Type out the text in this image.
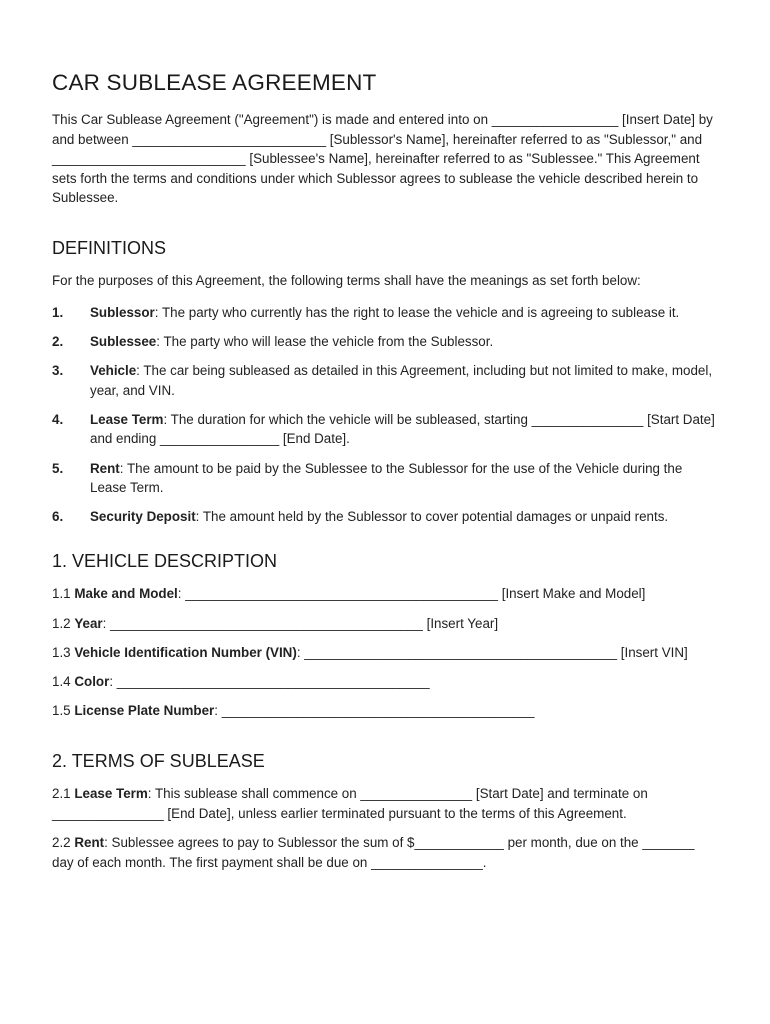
CAR SUBLEASE AGREEMENT

This Car Sublease Agreement ("Agreement") is made and entered into on _________________ [Insert Date] by and between __________________________ [Sublessor's Name], hereinafter referred to as "Sublessor," and __________________________ [Sublessee's Name], hereinafter referred to as "Sublessee." This Agreement sets forth the terms and conditions under which Sublessor agrees to sublease the vehicle described herein to Sublessee.

DEFINITIONS

For the purposes of this Agreement, the following terms shall have the meanings as set forth below:

1.	Sublessor: The party who currently has the right to lease the vehicle and is agreeing to sublease it.
2.	Sublessee: The party who will lease the vehicle from the Sublessor.
3.	Vehicle: The car being subleased as detailed in this Agreement, including but not limited to make, model, year, and VIN.
4.	Lease Term: The duration for which the vehicle will be subleased, starting _______________ [Start Date] and ending ________________ [End Date].
5.	Rent: The amount to be paid by the Sublessee to the Sublessor for the use of the Vehicle during the Lease Term.
6.	Security Deposit: The amount held by the Sublessor to cover potential damages or unpaid rents.
1. VEHICLE DESCRIPTION

1.1 Make and Model: __________________________________________ [Insert Make and Model]

1.2 Year: __________________________________________ [Insert Year]

1.3 Vehicle Identification Number (VIN): __________________________________________ [Insert VIN]

1.4 Color: __________________________________________

1.5 License Plate Number: __________________________________________

2. TERMS OF SUBLEASE

2.1 Lease Term: This sublease shall commence on _______________ [Start Date] and terminate on _______________ [End Date], unless earlier terminated pursuant to the terms of this Agreement.

2.2 Rent: Sublessee agrees to pay to Sublessor the sum of $____________ per month, due on the _______ day of each month. The first payment shall be due on _______________.
